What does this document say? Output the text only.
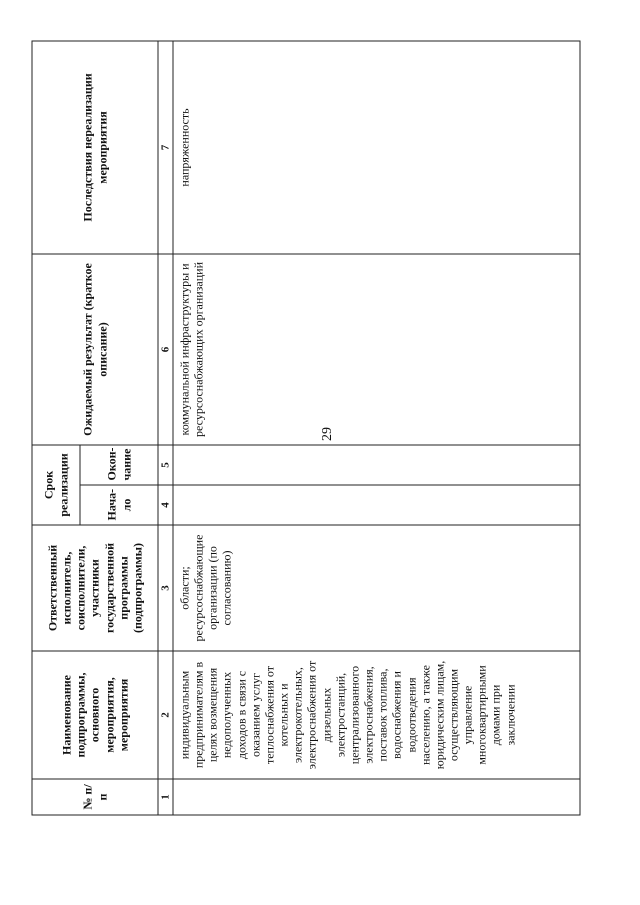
29
№ п/п	Наименование подпрограммы, основного мероприятия, мероприятия	Ответственный исполнитель, соисполнители, участники государственной программы (подпрограммы)	Срок реализации		Ожидаемый результат (краткое описание)	Последствия нереализации мероприятия
			Нача-ло	Окон-чание		
1	2	3	4	5	6	7
	индивидуальным предпринимателям в целях возмещения недополученных доходов в связи с оказанием услуг теплоснабжения от котельных и электрокотельных, электроснабжения от дизельных электростанций, централизованного электроснабжения, поставок топлива, водоснабжения и водоотведения населению, а также юридическим лицам, осуществляющим управление многоквартирными домами при заключении	области; ресурсоснабжающие организации (по согласованию)			коммунальной инфраструктуры и ресурсоснабжающих организаций	напряженность
